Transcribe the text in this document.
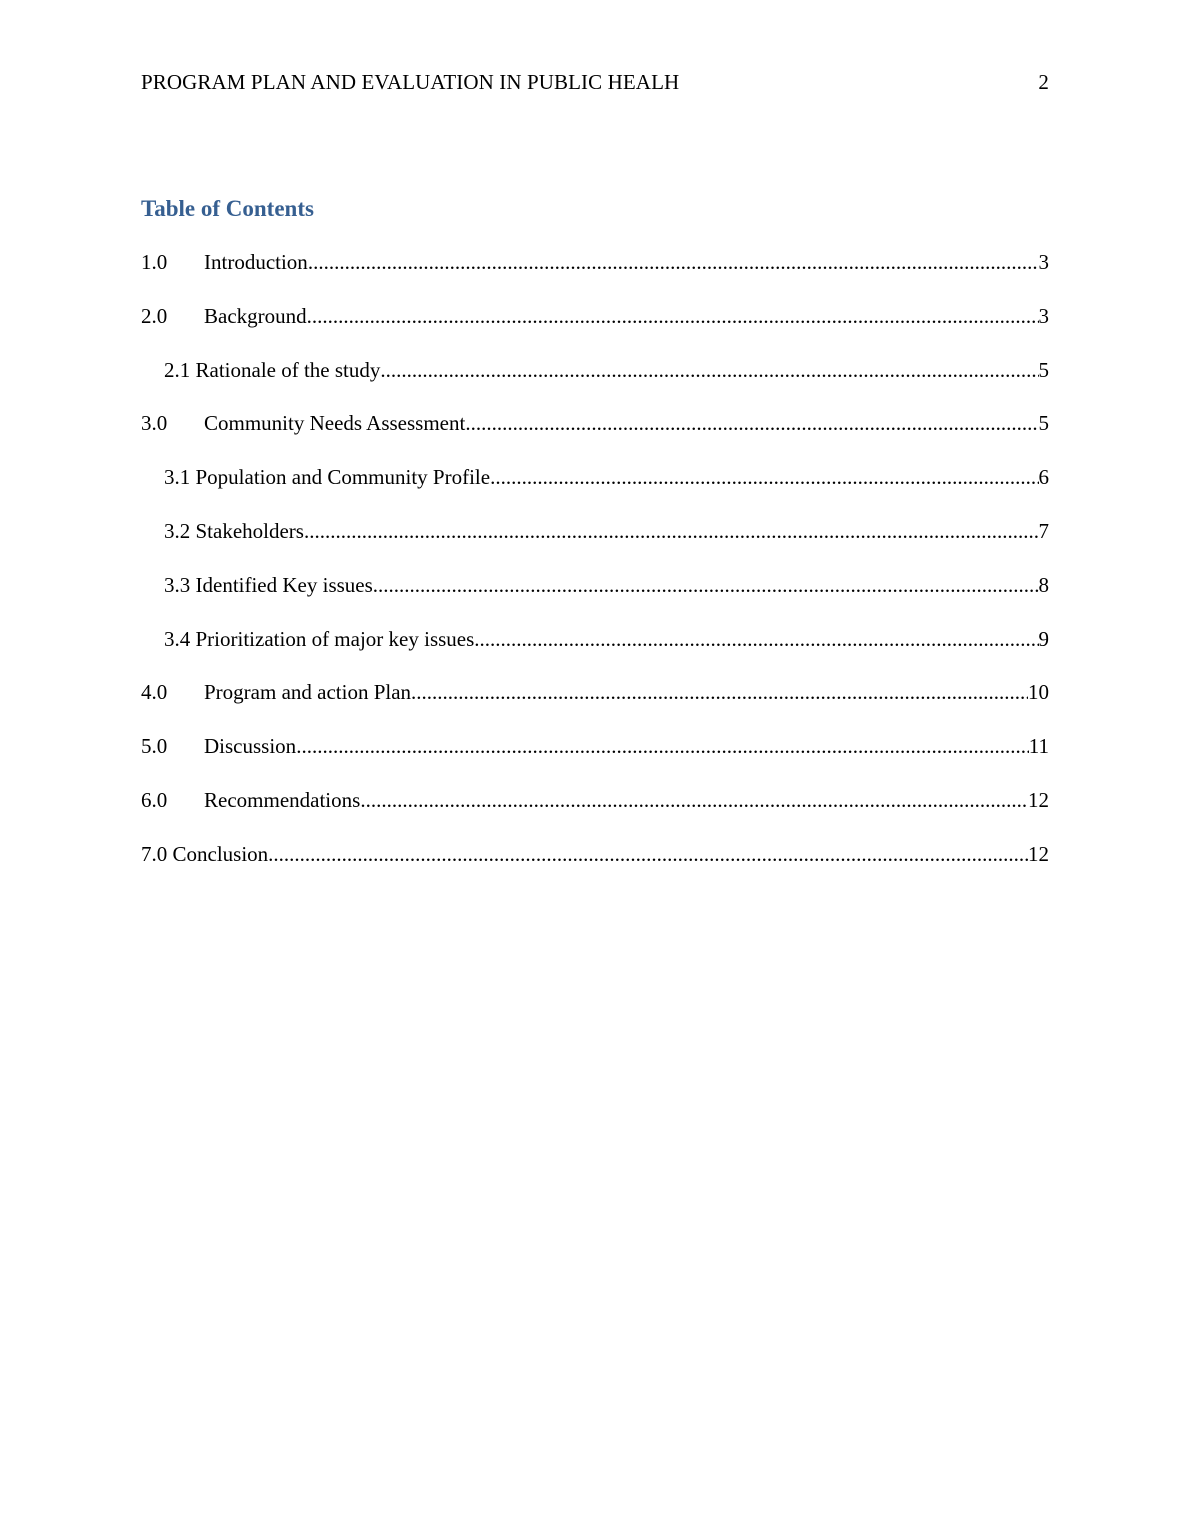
PROGRAM PLAN AND EVALUATION IN PUBLIC HEALH	2
Table of Contents
1.0	Introduction .....	3
2.0	Background .....	3
2.1 Rationale of the study .....	5
3.0	Community Needs Assessment .....	5
3.1 Population and Community Profile .....	6
3.2 Stakeholders .....	7
3.3 Identified Key issues .....	8
3.4 Prioritization of major key issues .....	9
4.0	Program and action Plan .....	10
5.0	Discussion .....	11
6.0	Recommendations .....	12
7.0 Conclusion .....	12
